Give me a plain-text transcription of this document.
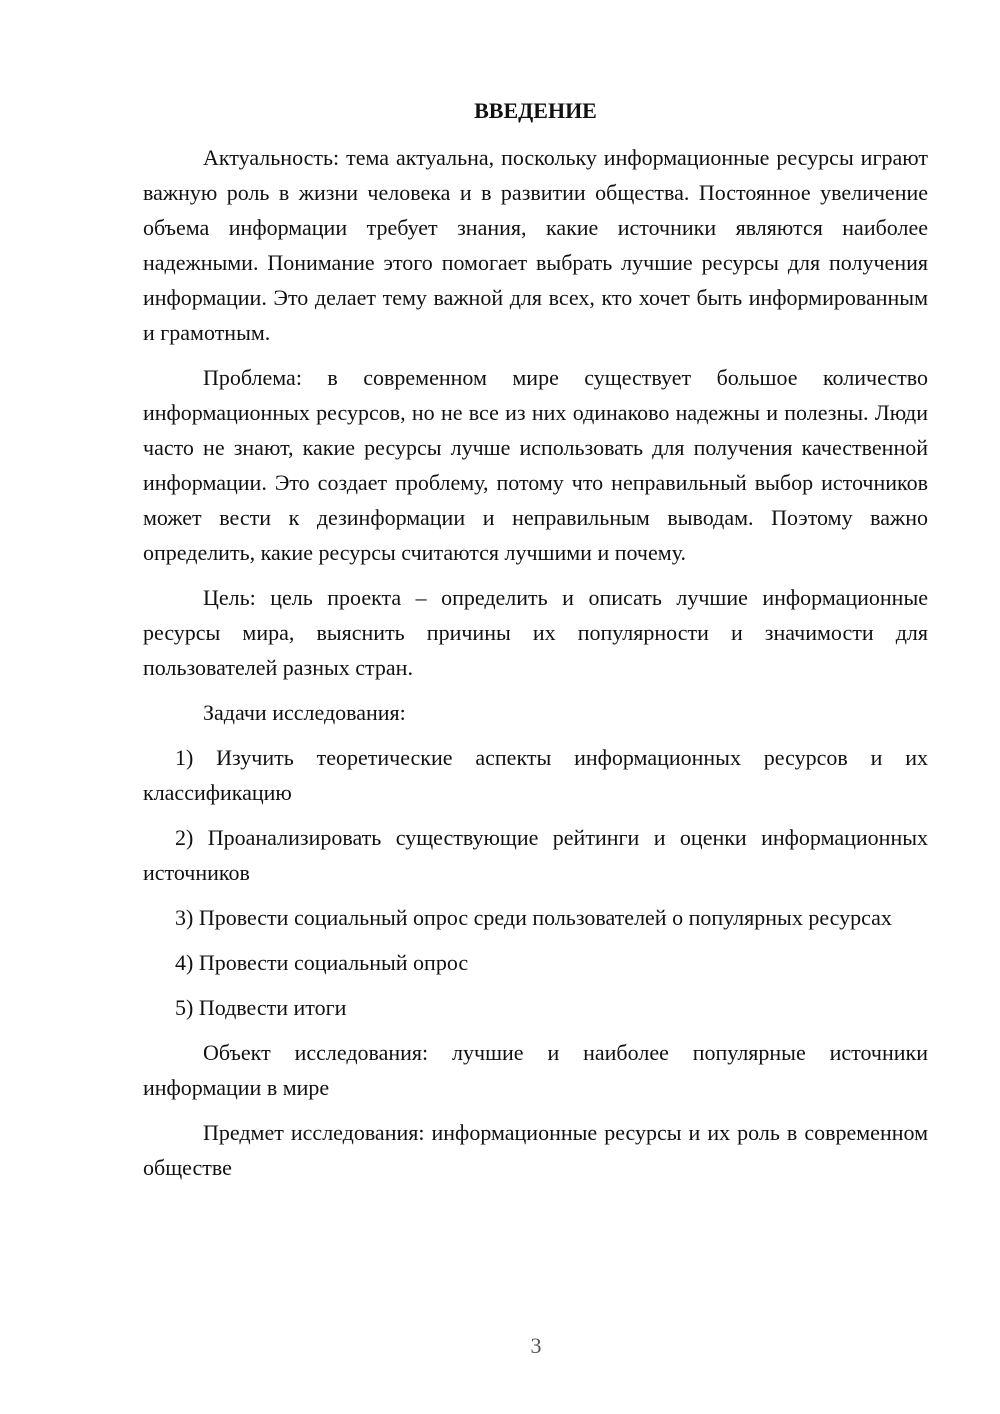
ВВЕДЕНИЕ

Актуальность: тема актуальна, поскольку информационные ресурсы играют важную роль в жизни человека и в развитии общества. Постоянное увеличение объема информации требует знания, какие источники являются наиболее надежными. Понимание этого помогает выбрать лучшие ресурсы для получения информации. Это делает тему важной для всех, кто хочет быть информированным и грамотным.

Проблема: в современном мире существует большое количество информационных ресурсов, но не все из них одинаково надежны и полезны. Люди часто не знают, какие ресурсы лучше использовать для получения качественной информации. Это создает проблему, потому что неправильный выбор источников может вести к дезинформации и неправильным выводам. Поэтому важно определить, какие ресурсы считаются лучшими и почему.

Цель: цель проекта – определить и описать лучшие информационные ресурсы мира, выяснить причины их популярности и значимости для пользователей разных стран.

Задачи исследования:

1) Изучить теоретические аспекты информационных ресурсов и их классификацию

2) Проанализировать существующие рейтинги и оценки информационных источников

3) Провести социальный опрос среди пользователей о популярных ресурсах

4) Провести социальный опрос

5) Подвести итоги

Объект исследования: лучшие и наиболее популярные источники информации в мире

Предмет исследования: информационные ресурсы и их роль в современном обществе

3
